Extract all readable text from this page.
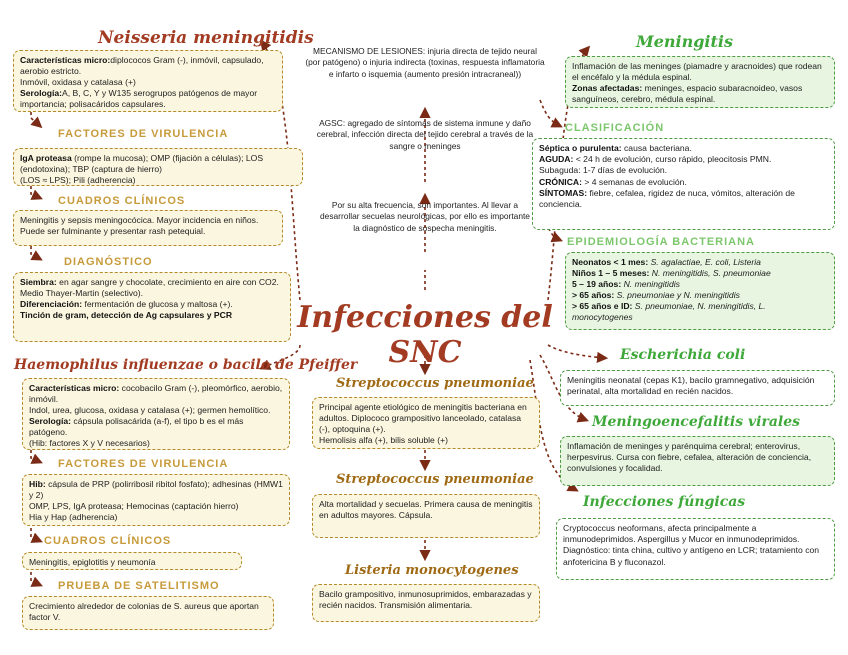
Neisseria meningitidis
Características micro:diplococos Gram (-), inmóvil, capsulado, aerobio estricto.
Inmóvil, oxidasa y catalasa (+)
Serología:A, B, C, Y y W135 serogrupos patógenos de mayor importancia; polisacáridos capsulares.
FACTORES DE VIRULENCIA
IgA proteasa (rompe la mucosa); OMP (fijación a células); LOS (endotoxina); TBP (captura de hierro)
(LOS ≈ LPS); Pili (adherencia)
CUADROS CLÍNICOS
Meningitis y sepsis meningocócica. Mayor incidencia en niños. Puede ser fulminante y presentar rash petequial.
DIAGNÓSTICO
Siembra: en agar sangre y chocolate, crecimiento en aire con CO2.
Medio Thayer-Martin (selectivo).
Diferenciación: fermentación de glucosa y maltosa (+).
Tinción de gram, detección de Ag capsulares y PCR
Haemophilus influenzae o bacilo de Pfeiffer
Características micro: cocobacilo Gram (-), pleomórfico, aerobio, inmóvil.
Indol, urea, glucosa, oxidasa y catalasa (+); germen hemolítico.
Serología: cápsula polisacárida (a-f), el tipo b es el más patógeno.
(Hib: factores X y V necesarios)
FACTORES DE VIRULENCIA
Hib: cápsula de PRP (polirribosil ribitol fosfato); adhesinas (HMW1 y 2)
OMP, LPS, IgA proteasa; Hemocinas (captación hierro)
Hia y Hap (adherencia)
CUADROS CLÍNICOS
Meningitis, epiglotitis y neumonía
PRUEBA DE SATELITISMO
Crecimiento alrededor de colonias de S. aureus que aportan factor V.
MECANISMO DE LESIONES: injuria directa de tejido neural (por patógeno) o injuria indirecta (toxinas, respuesta inflamatoria e infarto o isquemia (aumento presión intracraneal))
AGSC: agregado de síntomas de sistema inmune y daño cerebral, infección directa del tejido cerebral a través de la sangre o meninges
Por su alta frecuencia, son importantes. Al llevar a desarrollar secuelas neurológicas, por ello es importante la diagnóstico de sospecha meningitis.
Infecciones del SNC
Streptococcus pneumoniae
Principal agente etiológico de meningitis bacteriana en adultos. Diplococo grampositivo lanceolado, catalasa (-), optoquina (+).
Hemolisis alfa (+), bilis soluble (+)
Streptococcus pneumoniae
Alta mortalidad y secuelas. Primera causa de meningitis en adultos mayores. Cápsula.
Listeria monocytogenes
Bacilo grampositivo, inmunosuprimidos, embarazadas y recién nacidos. Transmisión alimentaria.
Meningitis
Inflamación de las meninges (piamadre y aracnoides) que rodean el encéfalo y la médula espinal.
Zonas afectadas: meninges, espacio subaracnoideo, vasos sanguíneos, cerebro, médula espinal.
CLASIFICACIÓN
Séptica o purulenta: causa bacteriana.
AGUDA: < 24 h de evolución, curso rápido, pleocitosis PMN.
Subaguda: 1-7 días de evolución.
CRÓNICA: > 4 semanas de evolución.
SÍNTOMAS: fiebre, cefalea, rigidez de nuca, vómitos, alteración de conciencia.
EPIDEMIOLOGÍA BACTERIANA
Neonatos < 1 mes: S. agalactiae, E. coli, Listeria
Niños 1 – 5 meses: N. meningitidis, S. pneumoniae
5 – 19 años: N. meningitidis
> 65 años: S. pneumoniae y N. meningitidis
> 65 años e ID: S. pneumoniae, N. meningitidis, L. monocytogenes
Escherichia coli
Meningitis neonatal (cepas K1), bacilo gramnegativo, adquisición perinatal, alta mortalidad en recién nacidos.
Meningoencefalitis virales
Inflamación de meninges y parénquima cerebral; enterovirus, herpesvirus. Cursa con fiebre, cefalea, alteración de conciencia, convulsiones y focalidad.
Infecciones fúngicas
Cryptococcus neoformans, afecta principalmente a inmunodeprimidos. Aspergillus y Mucor en inmunodeprimidos. Diagnóstico: tinta china, cultivo y antígeno en LCR; tratamiento con anfotericina B y fluconazol.
